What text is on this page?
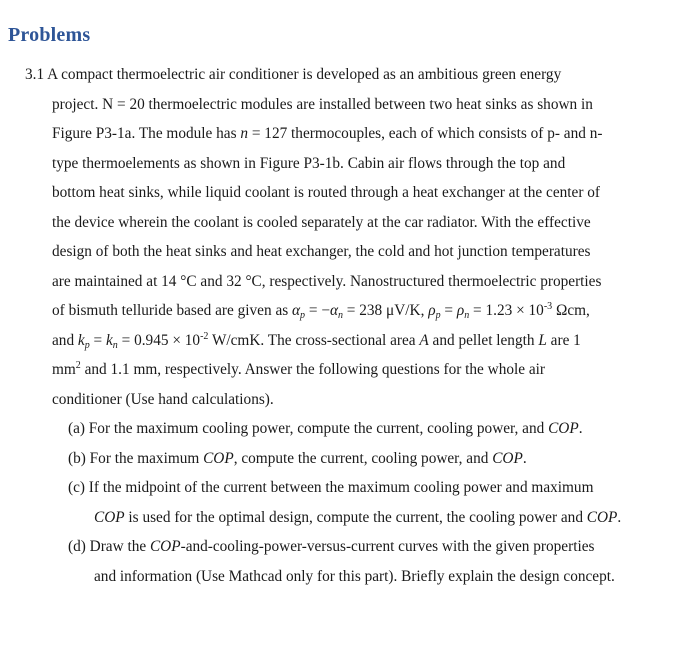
Problems
3.1 A compact thermoelectric air conditioner is developed as an ambitious green energy
project. N = 20 thermoelectric modules are installed between two heat sinks as shown in
Figure P3-1a. The module has n = 127 thermocouples, each of which consists of p- and n-
type thermoelements as shown in Figure P3-1b. Cabin air flows through the top and
bottom heat sinks, while liquid coolant is routed through a heat exchanger at the center of
the device wherein the coolant is cooled separately at the car radiator. With the effective
design of both the heat sinks and heat exchanger, the cold and hot junction temperatures
are maintained at 14 °C and 32 °C, respectively. Nanostructured thermoelectric properties
of bismuth telluride based are given as $\alpha_p = -\alpha_n = 238$ μV/K, $\rho_p = \rho_n = 1.23 \times 10^{-3}$ Ωcm,
and $k_p = k_n = 0.945 \times 10^{-2}$ W/cmK. The cross-sectional area A and pellet length L are 1
$mm^2$ and 1.1 mm, respectively. Answer the following questions for the whole air
conditioner (Use hand calculations).
(a) For the maximum cooling power, compute the current, cooling power, and COP.
(b) For the maximum COP, compute the current, cooling power, and COP.
(c) If the midpoint of the current between the maximum cooling power and maximum
COP is used for the optimal design, compute the current, the cooling power and COP.
(d) Draw the COP-and-cooling-power-versus-current curves with the given properties
and information (Use Mathcad only for this part). Briefly explain the design concept.
